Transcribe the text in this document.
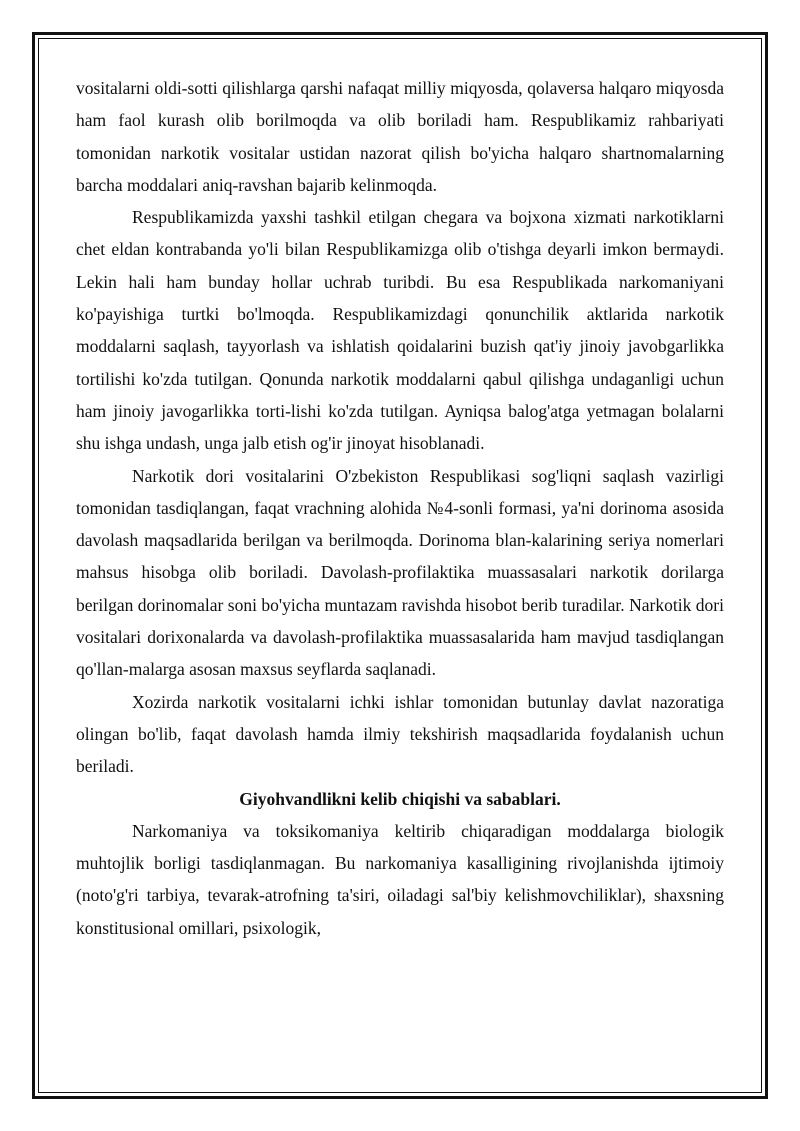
vositalarni oldi-sotti qilishlarga qarshi nafaqat milliy miqyosda, qolaversa halqaro miqyosda ham faol kurash olib borilmoqda va olib boriladi ham. Respublikamiz rahbariyati tomonidan narkotik vositalar ustidan nazorat qilish bo'yicha halqaro shartnomalarning barcha moddalari aniq-ravshan bajarib kelinmoqda.

Respublikamizda yaxshi tashkil etilgan chegara va bojxona xizmati narkotiklarni chet eldan kontrabanda yo'li bilan Respublikamizga olib o'tishga deyarli imkon bermaydi. Lekin hali ham bunday hollar uchrab turibdi. Bu esa Respublikada narkomaniyani ko'payishiga turtki bo'lmoqda. Respublikamizdagi qonunchilik aktlarida narkotik moddalarni saqlash, tayyorlash va ishlatish qoidalarini buzish qat'iy jinoiy javobgarlikka tortilishi ko'zda tutilgan. Qonunda narkotik moddalarni qabul qilishga undaganligi uchun ham jinoiy javogarlikka torti-lishi ko'zda tutilgan. Ayniqsa balog'atga yetmagan bolalarni shu ishga undash, unga jalb etish og'ir jinoyat hisoblanadi.

Narkotik dori vositalarini O'zbekiston Respublikasi sog'liqni saqlash vazirligi tomonidan tasdiqlangan, faqat vrachning alohida №4-sonli formasi, ya'ni dorinoma asosida davolash maqsadlarida berilgan va berilmoqda. Dorinoma blan-kalarining seriya nomerlari mahsus hisobga olib boriladi. Davolash-profilaktika muassasalari narkotik dorilarga berilgan dorinomalar soni bo'yicha muntazam ravishda hisobot berib turadilar. Narkotik dori vositalari dorixonalarda va davolash-profilaktika muassasalarida ham mavjud tasdiqlangan qo'llan-malarga asosan maxsus seyflarda saqlanadi.

Xozirda narkotik vositalarni ichki ishlar tomonidan butunlay davlat nazoratiga olingan bo'lib, faqat davolash hamda ilmiy tekshirish maqsadlarida foydalanish uchun beriladi.

Giyohvandlikni kelib chiqishi va sabablari.

Narkomaniya va toksikomaniya keltirib chiqaradigan moddalarga biologik muhtojlik borligi tasdiqlanmagan. Bu narkomaniya kasalligining rivojlanishda ijtimoiy (noto'g'ri tarbiya, tevarak-atrofning ta'siri, oiladagi sal'biy kelishmovchiliklar), shaxsning konstitusional omillari, psixologik,
